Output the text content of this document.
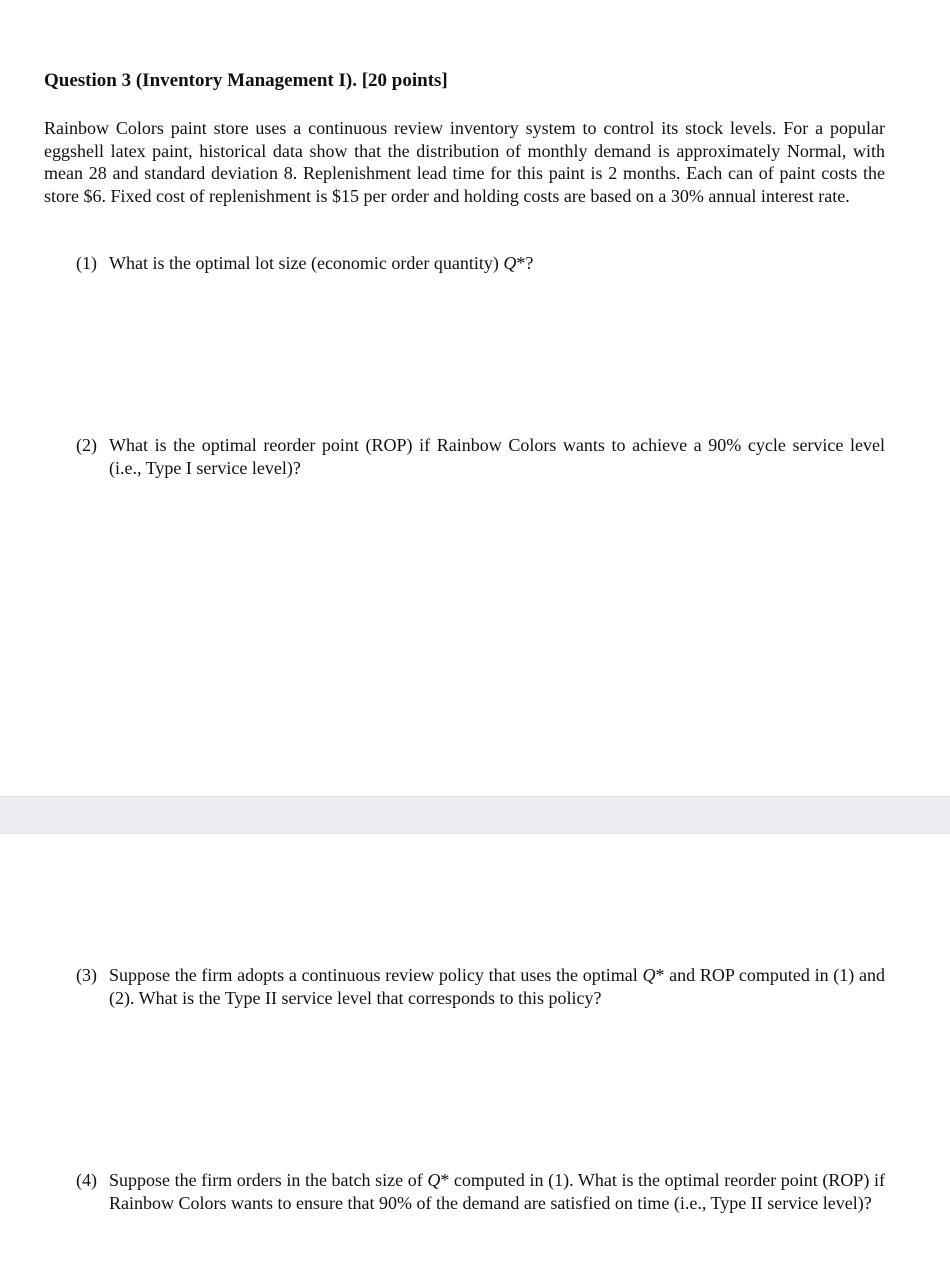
Question 3 (Inventory Management I). [20 points]

Rainbow Colors paint store uses a continuous review inventory system to control its stock levels. For a popular eggshell latex paint, historical data show that the distribution of monthly demand is approximately Normal, with mean 28 and standard deviation 8. Replenishment lead time for this paint is 2 months. Each can of paint costs the store $6. Fixed cost of replenishment is $15 per order and holding costs are based on a 30% annual interest rate.

(1) What is the optimal lot size (economic order quantity) Q*?

(2) What is the optimal reorder point (ROP) if Rainbow Colors wants to achieve a 90% cycle service level (i.e., Type I service level)?

(3) Suppose the firm adopts a continuous review policy that uses the optimal Q* and ROP computed in (1) and (2). What is the Type II service level that corresponds to this policy?

(4) Suppose the firm orders in the batch size of Q* computed in (1). What is the optimal reorder point (ROP) if Rainbow Colors wants to ensure that 90% of the demand are satisfied on time (i.e., Type II service level)?
